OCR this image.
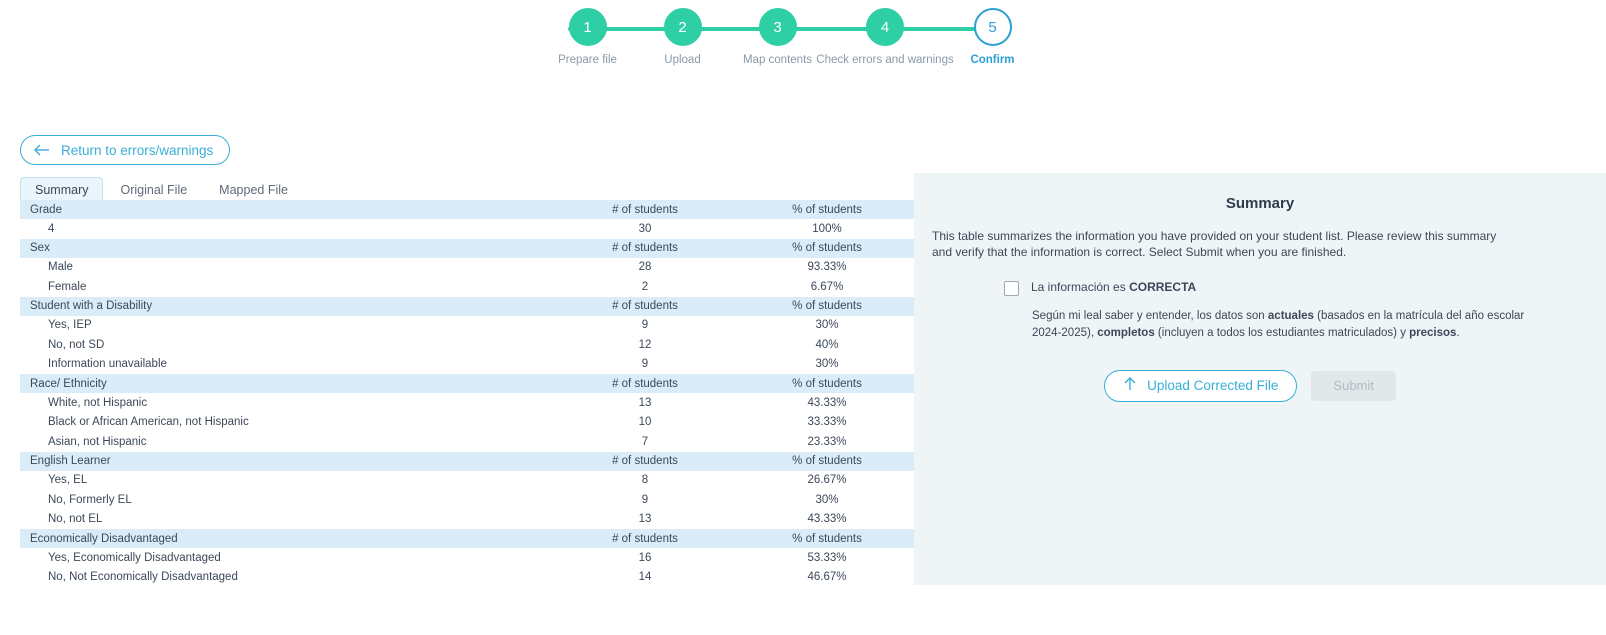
1
Prepare file
2
Upload
3
Map contents
4
Check errors and warnings
5
Confirm
Return to errors/warnings
Summary	Original File	Mapped File
Grade	# of students	% of students
4	30	100%
Sex	# of students	% of students
Male	28	93.33%
Female	2	6.67%
Student with a Disability	# of students	% of students
Yes, IEP	9	30%
No, not SD	12	40%
Information unavailable	9	30%
Race/ Ethnicity	# of students	% of students
White, not Hispanic	13	43.33%
Black or African American, not Hispanic	10	33.33%
Asian, not Hispanic	7	23.33%
English Learner	# of students	% of students
Yes, EL	8	26.67%
No, Formerly EL	9	30%
No, not EL	13	43.33%
Economically Disadvantaged	# of students	% of students
Yes, Economically Disadvantaged	16	53.33%
No, Not Economically Disadvantaged	14	46.67%
Summary

This table summarizes the information you have provided on your student list. Please review this summary and verify that the information is correct. Select Submit when you are finished.

La información es CORRECTA
Según mi leal saber y entender, los datos son actuales (basados en la matrícula del año escolar 2024-2025), completos (incluyen a todos los estudiantes matriculados) y precisos.
Upload Corrected File	Submit
